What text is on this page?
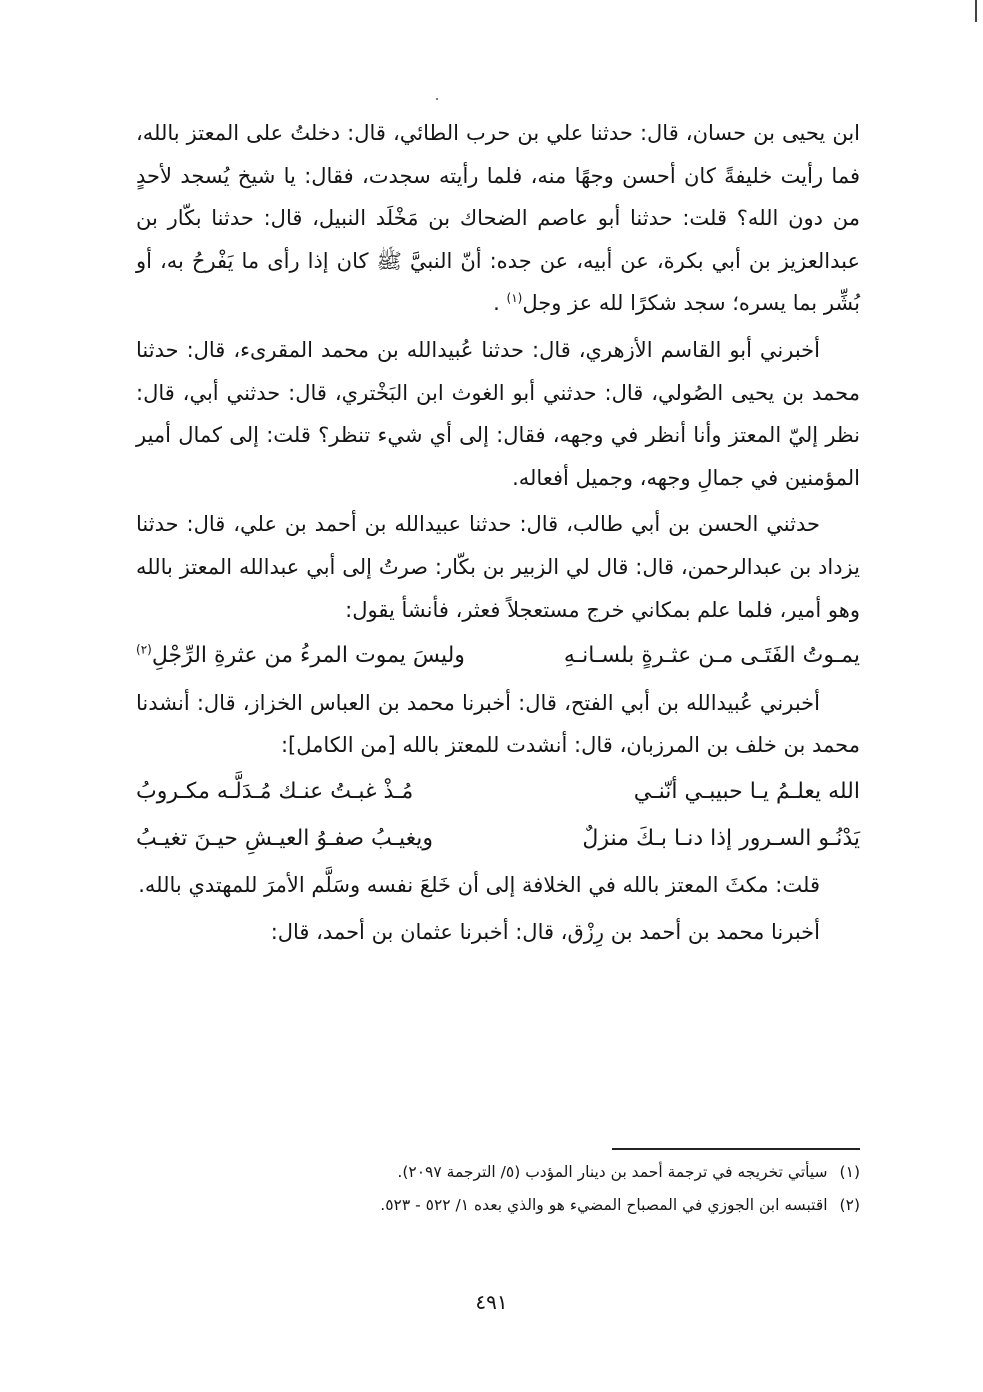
ابن يحيى بن حسان، قال: حدثنا علي بن حرب الطائي، قال: دخلتُ على المعتز بالله، فما رأيت خليفةً كان أحسن وجهًا منه، فلما رأيته سجدت، فقال: يا شيخ يُسجد لأحدٍ من دون الله؟ قلت: حدثنا أبو عاصم الضحاك بن مَخْلَد النبيل، قال: حدثنا بكّار بن عبدالعزيز بن أبي بكرة، عن أبيه، عن جده: أنّ النبيَّ ﷺ كان إذا رأى ما يَفْرحُ به، أو بُشِّر بما يسره؛ سجد شكرًا لله عز وجل$^{(١)}$ .

أخبرني أبو القاسم الأزهري، قال: حدثنا عُبيدالله بن محمد المقرىء، قال: حدثنا محمد بن يحيى الصُولي، قال: حدثني أبو الغوث ابن البَخْتري، قال: حدثني أبي، قال: نظر إليّ المعتز وأنا أنظر في وجهه، فقال: إلى أي شيء تنظر؟ قلت: إلى كمال أمير المؤمنين في جمالِ وجهه، وجميل أفعاله.

حدثني الحسن بن أبي طالب، قال: حدثنا عبيدالله بن أحمد بن علي، قال: حدثنا يزداد بن عبدالرحمن، قال: قال لي الزبير بن بكّار: صرتُ إلى أبي عبدالله المعتز بالله وهو أمير، فلما علم بمكاني خرج مستعجلاً فعثر، فأنشأ يقول:

يمـوتُ الفَتَـى مـن عثـرةٍ بلسـانـهِ
وليسَ يموت المرءُ من عثرةِ الرِّجْلِ$^{(٢)}$

أخبرني عُبيدالله بن أبي الفتح، قال: أخبرنا محمد بن العباس الخزاز، قال: أنشدنا محمد بن خلف بن المرزبان، قال: أنشدت للمعتز بالله [من الكامل]:

الله يعلـمُ يـا حبيبـي أنّنـي
مُـذْ غبـتُ عنـك مُـدَلَّـه مكـروبُ
يَدْنُـو السـرور إذا دنـا بـكَ منزلٌ
ويغيـبُ صفـوُ العيـشِ حيـنَ تغيـبُ

قلت: مكثَ المعتز بالله في الخلافة إلى أن خَلعَ نفسه وسَلَّم الأمرَ للمهتدي بالله.

أخبرنا محمد بن أحمد بن رِزْق، قال: أخبرنا عثمان بن أحمد، قال:

(١)
سيأتي تخريجه في ترجمة أحمد بن دينار المؤدب (٥/ الترجمة ٢٠٩٧).
(٢)
اقتبسه ابن الجوزي في المصباح المضيء هو والذي بعده ١/ ٥٢٢ - ٥٢٣.
٤٩١
